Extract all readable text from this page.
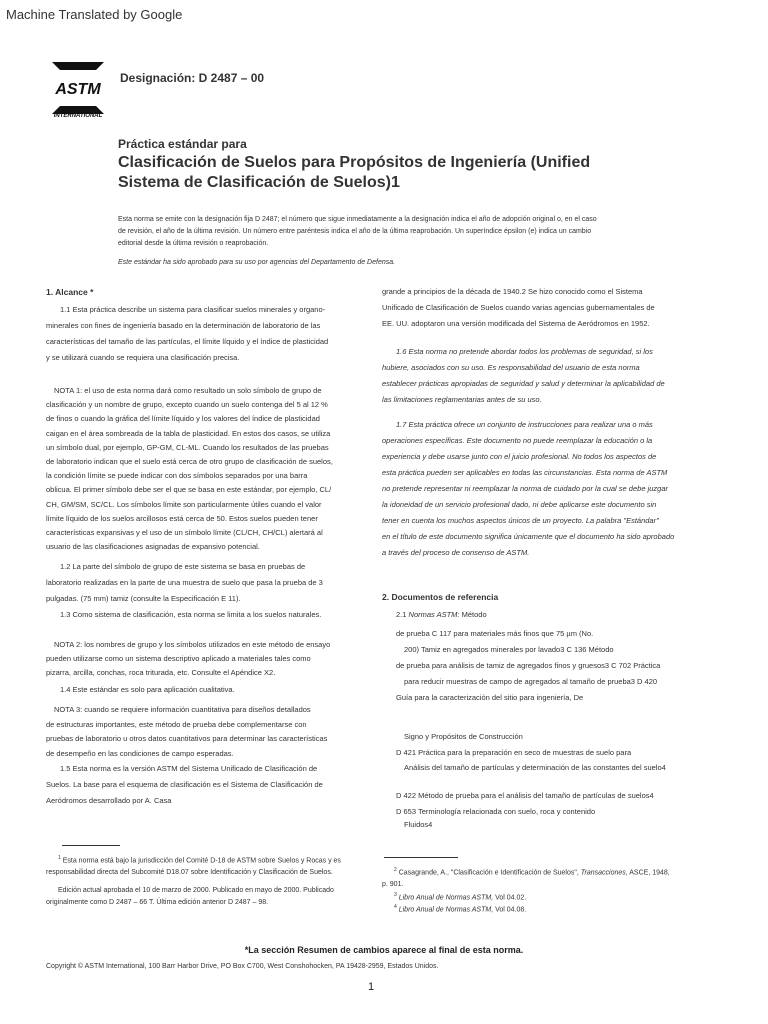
Machine Translated by Google
ASTM
INTERNATIONAL
Designación: D 2487 – 00
Práctica estándar para
Clasificación de Suelos para Propósitos de Ingeniería (Unified
Sistema de Clasificación de Suelos)1
Esta norma se emite con la designación fija D 2487; el número que sigue inmediatamente a la designación indica el año de adopción original o, en el caso
de revisión, el año de la última revisión. Un número entre paréntesis indica el año de la última reaprobación. Un superíndice épsilon (e) indica un cambio
editorial desde la última revisión o reaprobación.
Este estándar ha sido aprobado para su uso por agencias del Departamento de Defensa.
1. Alcance *
1.1 Esta práctica describe un sistema para clasificar suelos minerales y organo-
minerales con fines de ingeniería basado en la determinación de laboratorio de las
características del tamaño de las partículas, el límite líquido y el índice de plasticidad
y se utilizará cuando se requiera una clasificación precisa.
NOTA 1: el uso de esta norma dará como resultado un solo símbolo de grupo de
clasificación y un nombre de grupo, excepto cuando un suelo contenga del 5 al 12 %
de finos o cuando la gráfica del límite líquido y los valores del índice de plasticidad
caigan en el área sombreada de la tabla de plasticidad. En estos dos casos, se utiliza
un símbolo dual, por ejemplo, GP-GM, CL-ML. Cuando los resultados de las pruebas
de laboratorio indican que el suelo está cerca de otro grupo de clasificación de suelos,
la condición límite se puede indicar con dos símbolos separados por una barra
oblicua. El primer símbolo debe ser el que se basa en este estándar, por ejemplo, CL/
CH, GM/SM, SC/CL. Los símbolos límite son particularmente útiles cuando el valor
límite líquido de los suelos arcillosos está cerca de 50. Estos suelos pueden tener
características expansivas y el uso de un símbolo límite (CL/CH, CH/CL) alertará al
usuario de las clasificaciones asignadas de expansivo potencial.
1.2 La parte del símbolo de grupo de este sistema se basa en pruebas de
laboratorio realizadas en la parte de una muestra de suelo que pasa la prueba de 3
pulgadas. (75 mm) tamiz (consulte la Especificación E 11).
1.3 Como sistema de clasificación, esta norma se limita a los suelos naturales.
NOTA 2: los nombres de grupo y los símbolos utilizados en este método de ensayo
pueden utilizarse como un sistema descriptivo aplicado a materiales tales como
pizarra, arcilla, conchas, roca triturada, etc. Consulte el Apéndice X2.
1.4 Este estándar es solo para aplicación cualitativa.
NOTA 3: cuando se requiere información cuantitativa para diseños detallados
de estructuras importantes, este método de prueba debe complementarse con
pruebas de laboratorio u otros datos cuantitativos para determinar las características
de desempeño en las condiciones de campo esperadas.
1.5 Esta norma es la versión ASTM del Sistema Unificado de Clasificación de
Suelos. La base para el esquema de clasificación es el Sistema de Clasificación de
Aeródromos desarrollado por A. Casa
$^1$ Esta norma está bajo la jurisdicción del Comité D-18 de ASTM sobre Suelos y Rocas y es
responsabilidad directa del Subcomité D18.07 sobre Identificación y Clasificación de Suelos.
Edición actual aprobada el 10 de marzo de 2000. Publicado en mayo de 2000. Publicado
originalmente como D 2487 – 66 T. Última edición anterior D 2487 – 98.
grande a principios de la década de 1940.2 Se hizo conocido como el Sistema
Unificado de Clasificación de Suelos cuando varias agencias gubernamentales de
EE. UU. adoptaron una versión modificada del Sistema de Aeródromos en 1952.
1.6 Esta norma no pretende abordar todos los problemas de seguridad, si los
hubiere, asociados con su uso. Es responsabilidad del usuario de esta norma
establecer prácticas apropiadas de seguridad y salud y determinar la aplicabilidad de
las limitaciones reglamentarias antes de su uso.
1.7 Esta práctica ofrece un conjunto de instrucciones para realizar una o más
operaciones específicas. Este documento no puede reemplazar la educación o la
experiencia y debe usarse junto con el juicio profesional. No todos los aspectos de
esta práctica pueden ser aplicables en todas las circunstancias. Esta norma de ASTM
no pretende representar ni reemplazar la norma de cuidado por la cual se debe juzgar
la idoneidad de un servicio profesional dado, ni debe aplicarse este documento sin
tener en cuenta los muchos aspectos únicos de un proyecto. La palabra "Estándar"
en el título de este documento significa únicamente que el documento ha sido aprobado
a través del proceso de consenso de ASTM.
2. Documentos de referencia
2.1 Normas ASTM: Método
de prueba C 117 para materiales más finos que 75 µm (No.
200) Tamiz en agregados minerales por lavado3 C 136 Método
de prueba para análisis de tamiz de agregados finos y gruesos3 C 702 Práctica
para reducir muestras de campo de agregados al tamaño de prueba3 D 420
Guía para la caracterización del sitio para ingeniería, De
Signo y Propósitos de Construcción
D 421 Práctica para la preparación en seco de muestras de suelo para
Análisis del tamaño de partículas y determinación de las constantes del suelo4
D 422 Método de prueba para el análisis del tamaño de partículas de suelos4
D 653 Terminología relacionada con suelo, roca y contenido
Fluidos4
$^2$ Casagrande, A., "Clasificación e Identificación de Suelos", Transacciones, ASCE, 1948,
p. 901.
$^3$ Libro Anual de Normas ASTM, Vol 04.02.
$^4$ Libro Anual de Normas ASTM, Vol 04.08.
*La sección Resumen de cambios aparece al final de esta norma.
Copyright © ASTM International, 100 Barr Harbor Drive, PO Box C700, West Conshohocken, PA 19428-2959, Estados Unidos.
1
